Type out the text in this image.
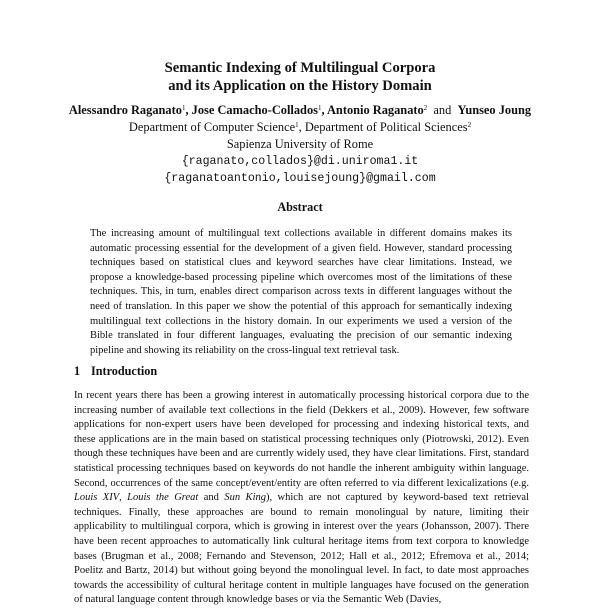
Semantic Indexing of Multilingual Corpora
and its Application on the History Domain
Alessandro Raganato$^1$, Jose Camacho-Collados$^1$, Antonio Raganato$^2$ and Yunseo Joung
Department of Computer Science$^1$, Department of Political Sciences$^2$
Sapienza University of Rome
{raganato,collados}@di.uniroma1.it
{raganatoantonio,louisejoung}@gmail.com
Abstract
The increasing amount of multilingual text collections available in different domains makes its automatic processing essential for the development of a given field. However, standard processing techniques based on statistical clues and keyword searches have clear limitations. Instead, we propose a knowledge-based processing pipeline which overcomes most of the limitations of these techniques. This, in turn, enables direct comparison across texts in different languages without the need of translation. In this paper we show the potential of this approach for semantically indexing multilingual text collections in the history domain. In our experiments we used a version of the Bible translated in four different languages, evaluating the precision of our semantic indexing pipeline and showing its reliability on the cross-lingual text retrieval task.
1 Introduction
In recent years there has been a growing interest in automatically processing historical corpora due to the increasing number of available text collections in the field (Dekkers et al., 2009). However, few software applications for non-expert users have been developed for processing and indexing historical texts, and these applications are in the main based on statistical processing techniques only (Piotrowski, 2012). Even though these techniques have been and are currently widely used, they have clear limitations. First, standard statistical processing techniques based on keywords do not handle the inherent ambiguity within language. Second, occurrences of the same concept/event/entity are often referred to via different lexicalizations (e.g. Louis XIV, Louis the Great and Sun King), which are not captured by keyword-based text retrieval techniques. Finally, these approaches are bound to remain monolingual by nature, limiting their applicability to multilingual corpora, which is growing in interest over the years (Johansson, 2007). There have been recent approaches to automatically link cultural heritage items from text corpora to knowledge bases (Brugman et al., 2008; Fernando and Stevenson, 2012; Hall et al., 2012; Efremova et al., 2014; Poelitz and Bartz, 2014) but without going beyond the monolingual level. In fact, to date most approaches towards the accessibility of cultural heritage content in multiple languages have focused on the generation of natural language content through knowledge bases or via the Semantic Web (Davies,
